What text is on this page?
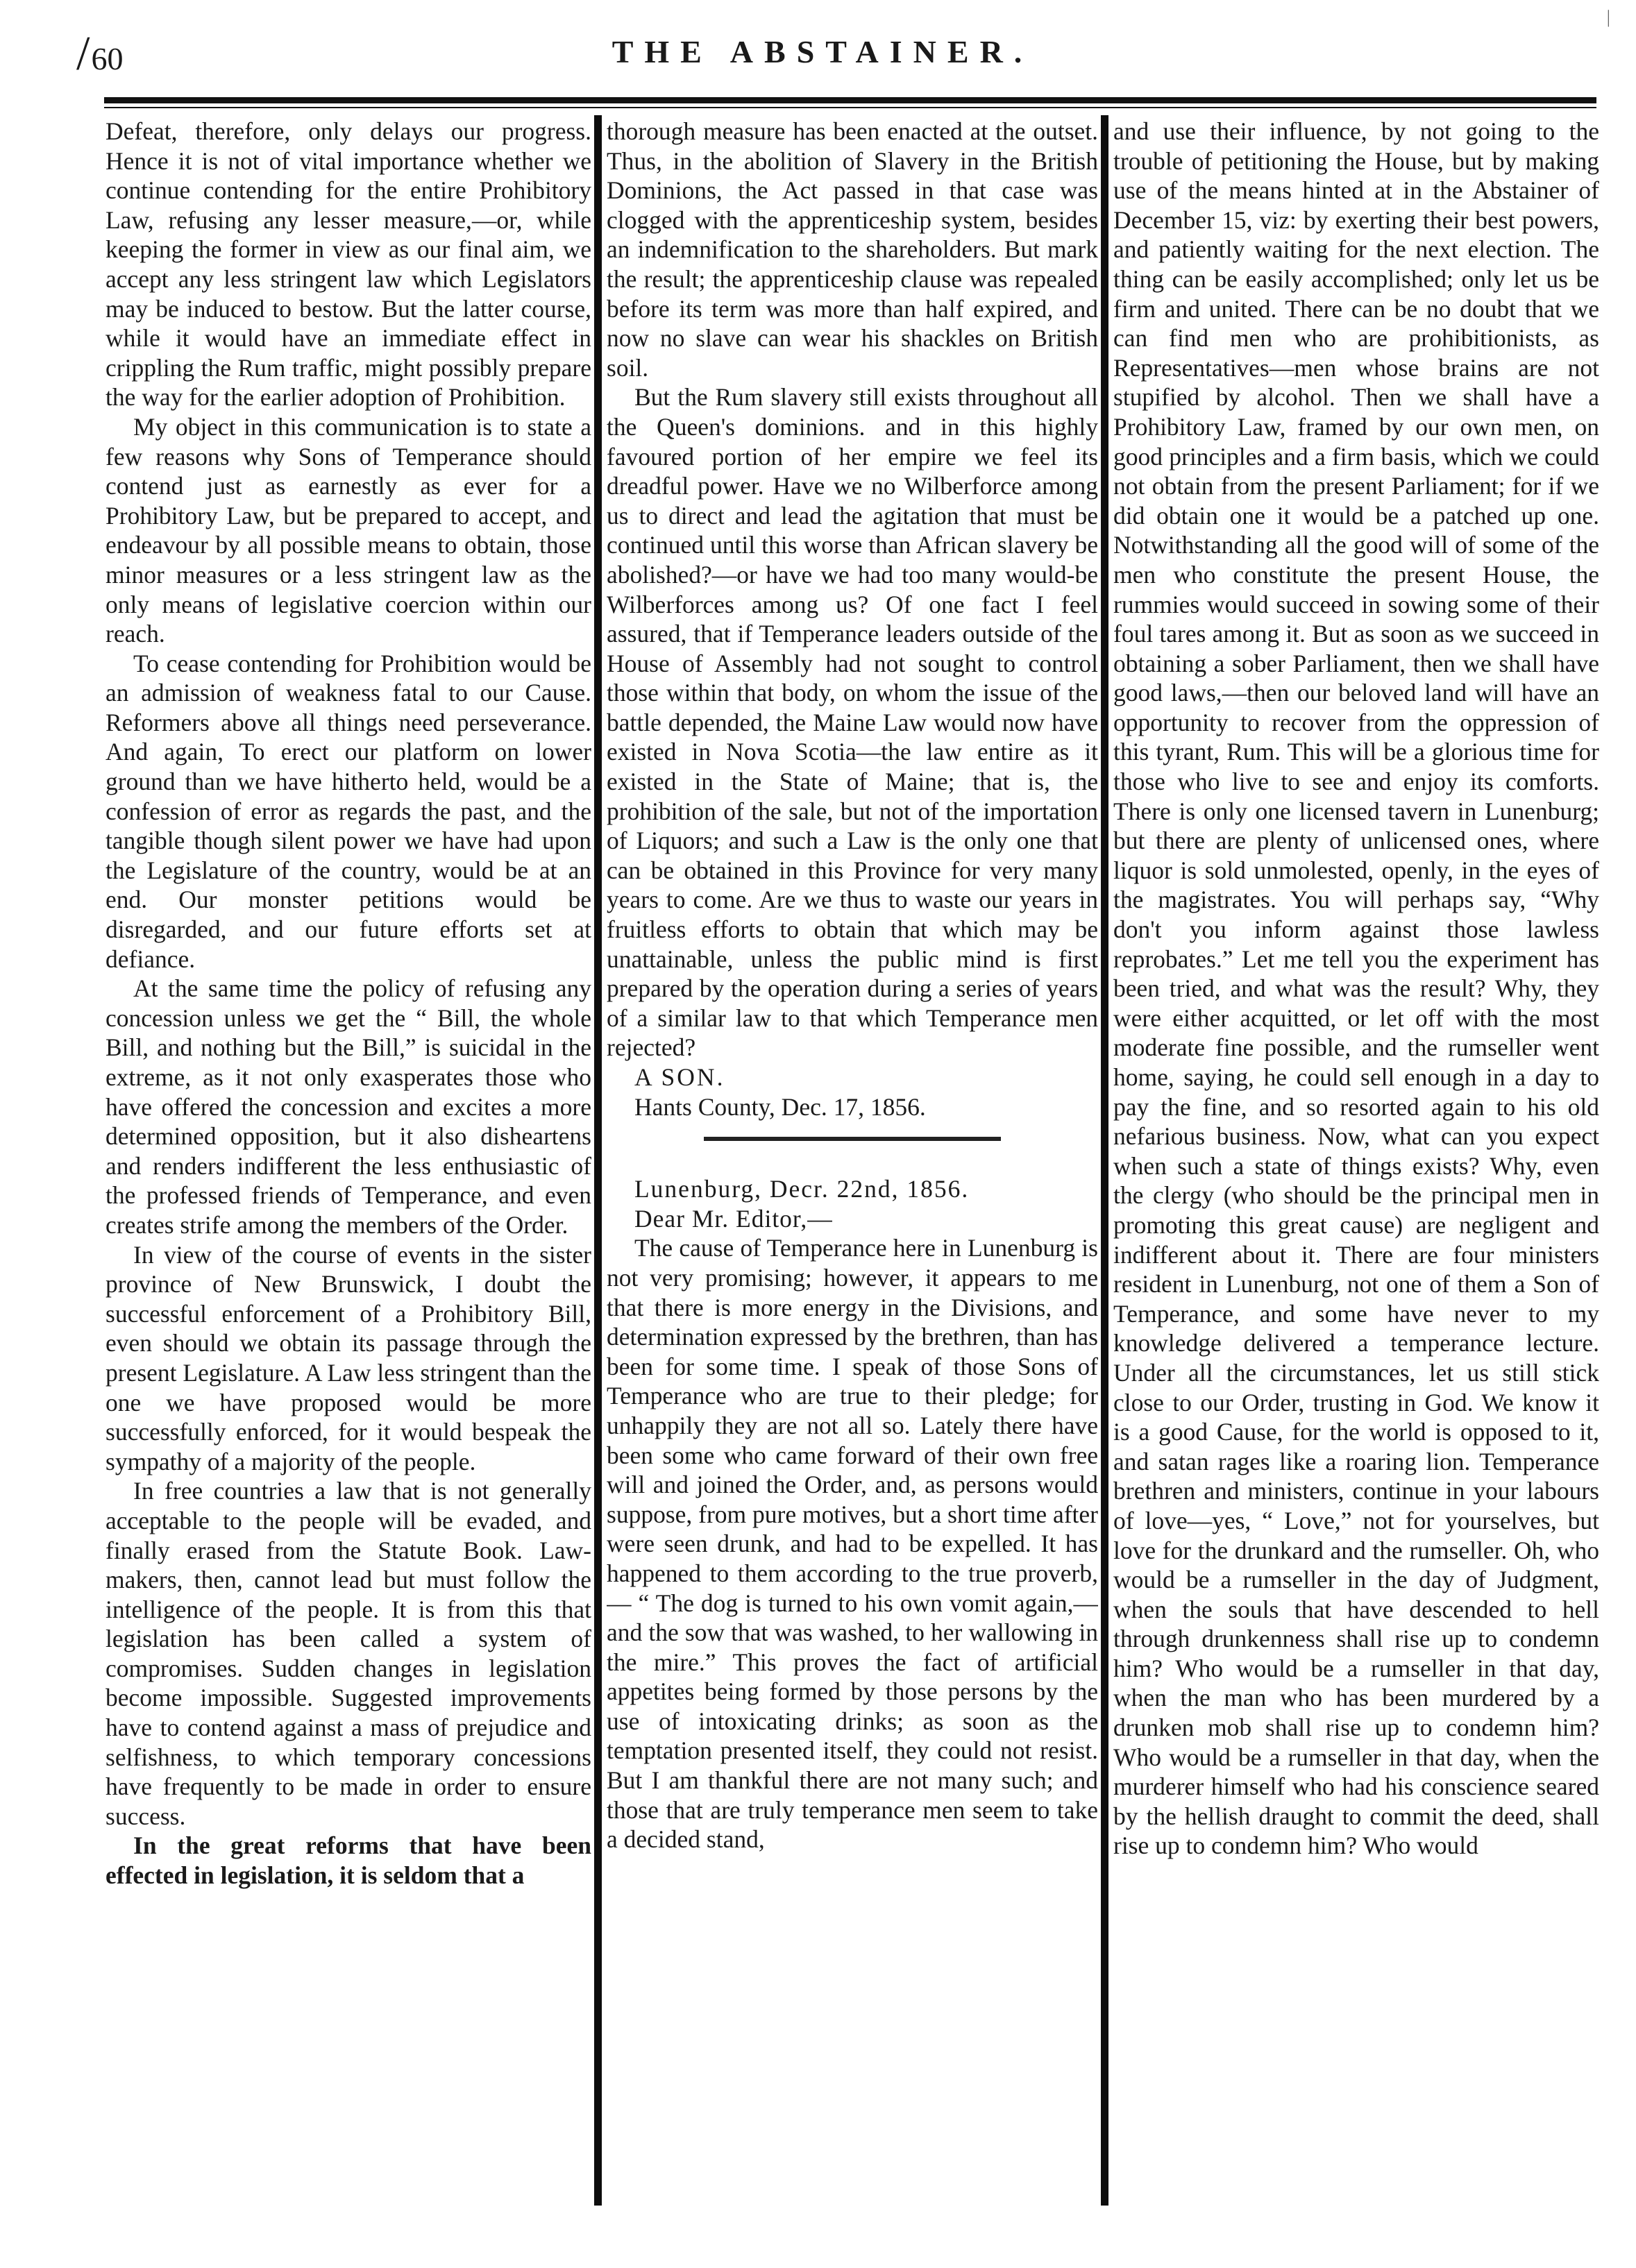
/60	THE ABSTAINER.
|

Defeat, therefore, only delays our progress. Hence it is not of vital importance whether we continue contending for the entire Prohibitory Law, refusing any lesser measure,—or, while keeping the former in view as our final aim, we accept any less stringent law which Legislators may be induced to bestow. But the latter course, while it would have an immediate effect in crippling the Rum traffic, might possibly prepare the way for the earlier adoption of Prohibition.

My object in this communication is to state a few reasons why Sons of Temperance should contend just as earnestly as ever for a Prohibitory Law, but be prepared to accept, and endeavour by all possible means to obtain, those minor measures or a less stringent law as the only means of legislative coercion within our reach.

To cease contending for Prohibition would be an admission of weakness fatal to our Cause. Reformers above all things need perseverance. And again, To erect our platform on lower ground than we have hitherto held, would be a confession of error as regards the past, and the tangible though silent power we have had upon the Legislature of the country, would be at an end. Our monster petitions would be disregarded, and our future efforts set at defiance.

At the same time the policy of refusing any concession unless we get the “ Bill, the whole Bill, and nothing but the Bill,” is suicidal in the extreme, as it not only exasperates those who have offered the concession and excites a more determined opposition, but it also disheartens and renders indifferent the less enthusiastic of the professed friends of Temperance, and even creates strife among the members of the Order.

In view of the course of events in the sister province of New Brunswick, I doubt the successful enforcement of a Prohibitory Bill, even should we obtain its passage through the present Legislature. A Law less stringent than the one we have proposed would be more successfully enforced, for it would bespeak the sympathy of a majority of the people.

In free countries a law that is not generally acceptable to the people will be evaded, and finally erased from the Statute Book. Law-makers, then, cannot lead but must follow the intelligence of the people. It is from this that legislation has been called a system of compromises. Sudden changes in legislation become impossible. Suggested improvements have to contend against a mass of prejudice and selfishness, to which temporary concessions have frequently to be made in order to ensure success.

In the great reforms that have been effected in legislation, it is seldom that a

thorough measure has been enacted at the outset. Thus, in the abolition of Slavery in the British Dominions, the Act passed in that case was clogged with the apprenticeship system, besides an indemnification to the shareholders. But mark the result; the apprenticeship clause was repealed before its term was more than half expired, and now no slave can wear his shackles on British soil.

But the Rum slavery still exists throughout all the Queen's dominions. and in this highly favoured portion of her empire we feel its dreadful power. Have we no Wilberforce among us to direct and lead the agitation that must be continued until this worse than African slavery be abolished?—or have we had too many would-be Wilberforces among us? Of one fact I feel assured, that if Temperance leaders outside of the House of Assembly had not sought to control those within that body, on whom the issue of the battle depended, the Maine Law would now have existed in Nova Scotia—the law entire as it existed in the State of Maine; that is, the prohibition of the sale, but not of the importation of Liquors; and such a Law is the only one that can be obtained in this Province for very many years to come. Are we thus to waste our years in fruitless efforts to obtain that which may be unattainable, unless the public mind is first prepared by the operation during a series of years of a similar law to that which Temperance men rejected?

A SON.

Hants County, Dec. 17, 1856.

Lunenburg, Decr. 22nd, 1856.

Dear Mr. Editor,—

The cause of Temperance here in Lunenburg is not very promising; however, it appears to me that there is more energy in the Divisions, and determination expressed by the brethren, than has been for some time. I speak of those Sons of Temperance who are true to their pledge; for unhappily they are not all so. Lately there have been some who came forward of their own free will and joined the Order, and, as persons would suppose, from pure motives, but a short time after were seen drunk, and had to be expelled. It has happened to them according to the true proverb,— “ The dog is turned to his own vomit again,—and the sow that was washed, to her wallowing in the mire.” This proves the fact of artificial appetites being formed by those persons by the use of intoxicating drinks; as soon as the temptation presented itself, they could not resist. But I am thankful there are not many such; and those that are truly temperance men seem to take a decided stand,

and use their influence, by not going to the trouble of petitioning the House, but by making use of the means hinted at in the Abstainer of December 15, viz: by exerting their best powers, and patiently waiting for the next election. The thing can be easily accomplished; only let us be firm and united. There can be no doubt that we can find men who are prohibitionists, as Representatives—men whose brains are not stupified by alcohol. Then we shall have a Prohibitory Law, framed by our own men, on good principles and a firm basis, which we could not obtain from the present Parliament; for if we did obtain one it would be a patched up one. Notwithstanding all the good will of some of the men who constitute the present House, the rummies would succeed in sowing some of their foul tares among it. But as soon as we succeed in obtaining a sober Parliament, then we shall have good laws,—then our beloved land will have an opportunity to recover from the oppression of this tyrant, Rum. This will be a glorious time for those who live to see and enjoy its comforts. There is only one licensed tavern in Lunenburg; but there are plenty of unlicensed ones, where liquor is sold unmolested, openly, in the eyes of the magistrates. You will perhaps say, “Why don't you inform against those lawless reprobates.” Let me tell you the experiment has been tried, and what was the result? Why, they were either acquitted, or let off with the most moderate fine possible, and the rumseller went home, saying, he could sell enough in a day to pay the fine, and so resorted again to his old nefarious business. Now, what can you expect when such a state of things exists? Why, even the clergy (who should be the principal men in promoting this great cause) are negligent and indifferent about it. There are four ministers resident in Lunenburg, not one of them a Son of Temperance, and some have never to my knowledge delivered a temperance lecture. Under all the circumstances, let us still stick close to our Order, trusting in God. We know it is a good Cause, for the world is opposed to it, and satan rages like a roaring lion. Temperance brethren and ministers, continue in your labours of love—yes, “ Love,” not for yourselves, but love for the drunkard and the rumseller. Oh, who would be a rumseller in the day of Judgment, when the souls that have descended to hell through drunkenness shall rise up to condemn him? Who would be a rumseller in that day, when the man who has been murdered by a drunken mob shall rise up to condemn him? Who would be a rumseller in that day, when the murderer himself who had his conscience seared by the hellish draught to commit the deed, shall rise up to condemn him? Who would
